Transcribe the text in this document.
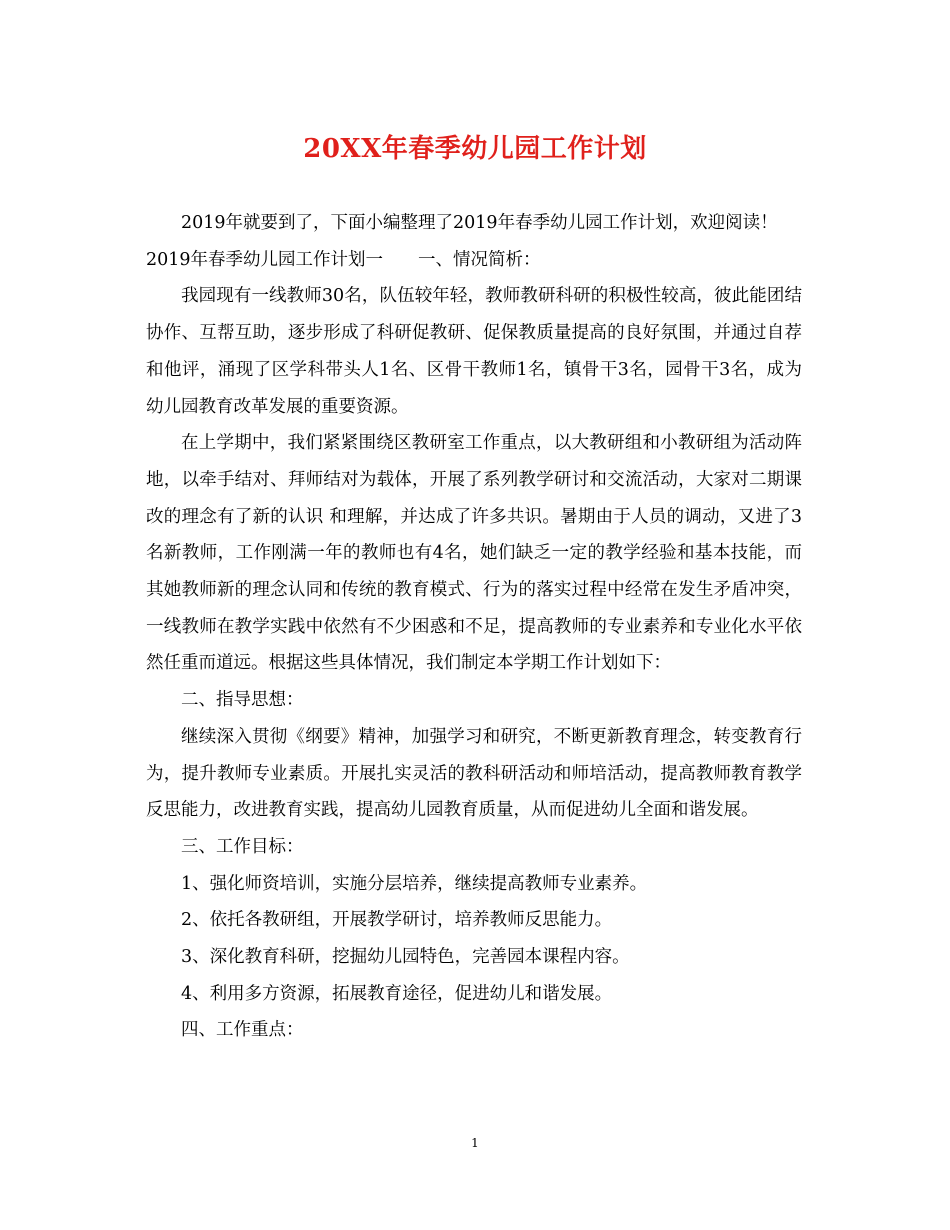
20XX年春季幼儿园工作计划

2019年就要到了，下面小编整理了2019年春季幼儿园工作计划，欢迎阅读！

2019年春季幼儿园工作计划一　　一、情况简析：

我园现有一线教师30名，队伍较年轻，教师教研科研的积极性较高，彼此能团结协作、互帮互助，逐步形成了科研促教研、促保教质量提高的良好氛围，并通过自荐和他评，涌现了区学科带头人1名、区骨干教师1名，镇骨干3名，园骨干3名，成为幼儿园教育改革发展的重要资源。

在上学期中，我们紧紧围绕区教研室工作重点，以大教研组和小教研组为活动阵地，以牵手结对、拜师结对为载体，开展了系列教学研讨和交流活动，大家对二期课改的理念有了新的认识 和理解，并达成了许多共识。暑期由于人员的调动，又进了3名新教师，工作刚满一年的教师也有4名，她们缺乏一定的教学经验和基本技能，而其她教师新的理念认同和传统的教育模式、行为的落实过程中经常在发生矛盾冲突，一线教师在教学实践中依然有不少困惑和不足，提高教师的专业素养和专业化水平依然任重而道远。根据这些具体情况，我们制定本学期工作计划如下：

二、指导思想：

继续深入贯彻《纲要》精神，加强学习和研究，不断更新教育理念，转变教育行为，提升教师专业素质。开展扎实灵活的教科研活动和师培活动，提高教师教育教学反思能力，改进教育实践，提高幼儿园教育质量，从而促进幼儿全面和谐发展。

三、工作目标：

1、强化师资培训，实施分层培养，继续提高教师专业素养。

2、依托各教研组，开展教学研讨，培养教师反思能力。

3、深化教育科研，挖掘幼儿园特色，完善园本课程内容。

4、利用多方资源，拓展教育途径，促进幼儿和谐发展。

四、工作重点：

1
